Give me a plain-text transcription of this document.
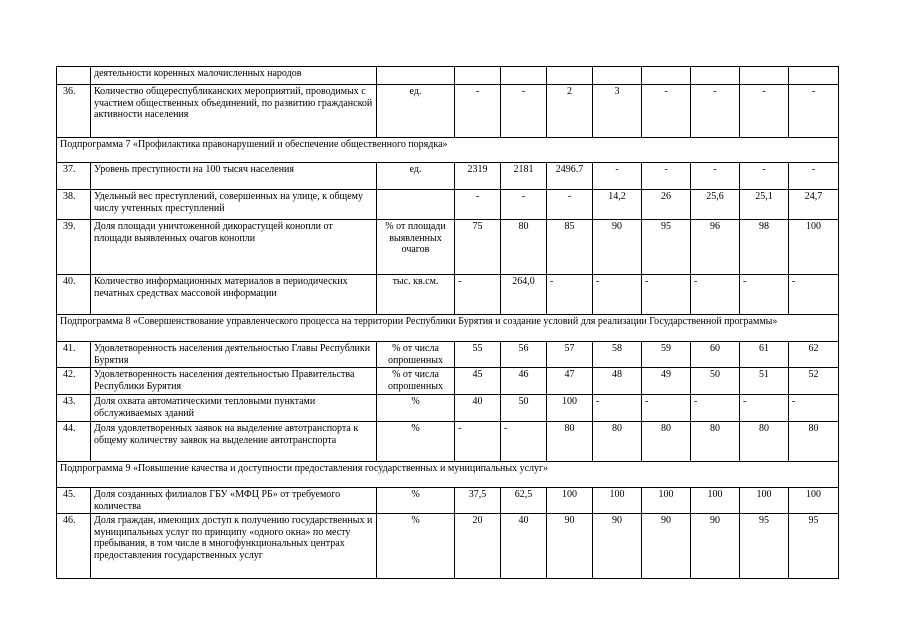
	деятельности коренных малочисленных народов									
36.	Количество общереспубликанских мероприятий, проводимых с участием общественных объединений, по развитию гражданской активности населения	ед.	-	-	2	3	-	-	-	-
Подпрограмма 7 «Профилактика правонарушений и обеспечение общественного порядка»										
37.	Уровень преступности на 100 тысяч населения	ед.	2319	2181	2496.7	-	-	-	-	-
38.	Удельный вес преступлений, совершенных на улице, к общему числу учтенных преступлений		-	-	-	14,2	26	25,6	25,1	24,7
39.	Доля площади уничтоженной дикорастущей конопли от площади выявленных очагов конопли	% от площади выявленных очагов	75	80	85	90	95	96	98	100
40.	Количество информационных материалов в периодических печатных средствах массовой информации	тыс. кв.см.	-	264,0	-	-	-	-	-	-
Подпрограмма 8 «Совершенствование управленческого процесса на территории Республики Бурятия и создание условий для реализации Государственной программы»										
41.	Удовлетворенность населения деятельностью Главы Республики Бурятия	% от числа опрошенных	55	56	57	58	59	60	61	62
42.	Удовлетворенность населения деятельностью Правительства Республики Бурятия	% от числа опрошенных	45	46	47	48	49	50	51	52
43.	Доля охвата автоматическими тепловыми пунктами обслуживаемых зданий	%	40	50	100	-	-	-	-	-
44.	Доля удовлетворенных заявок на выделение автотранспорта к общему количеству заявок на выделение автотранспорта	%	-	-	80	80	80	80	80	80
Подпрограмма 9 «Повышение качества и доступности предоставления государственных и муниципальных услуг»										
45.	Доля созданных филиалов ГБУ «МФЦ РБ» от требуемого количества	%	37,5	62,5	100	100	100	100	100	100
46.	Доля граждан, имеющих доступ к получению государственных и муниципальных услуг по принципу «одного окна» по месту пребывания, в том числе в многофункциональных центрах предоставления государственных услуг	%	20	40	90	90	90	90	95	95
